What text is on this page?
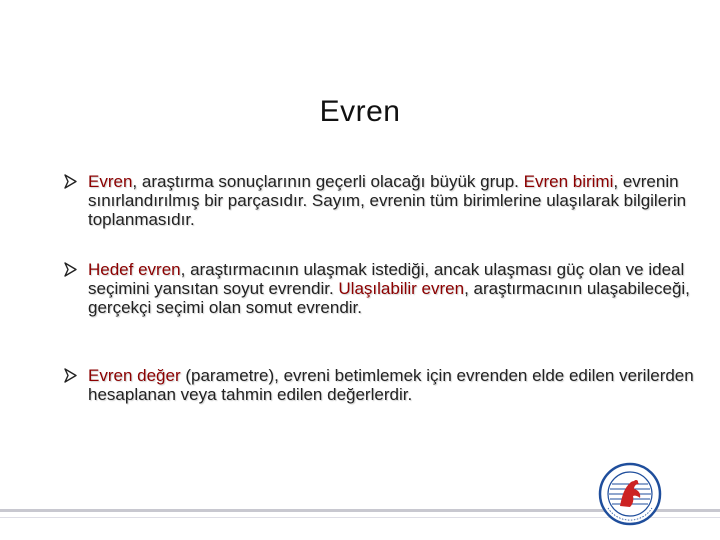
Evren
Evren, araştırma sonuçlarının geçerli olacağı büyük grup. Evren birimi, evrenin sınırlandırılmış bir parçasıdır. Sayım, evrenin tüm birimlerine ulaşılarak bilgilerin toplanmasıdır.
Hedef evren, araştırmacının ulaşmak istediği, ancak ulaşması güç olan ve ideal seçimini yansıtan soyut evrendir. Ulaşılabilir evren, araştırmacının ulaşabileceği, gerçekçi seçimi olan somut evrendir.
Evren değer (parametre), evreni betimlemek için evrenden elde edilen verilerden hesaplanan veya tahmin edilen değerlerdir.
